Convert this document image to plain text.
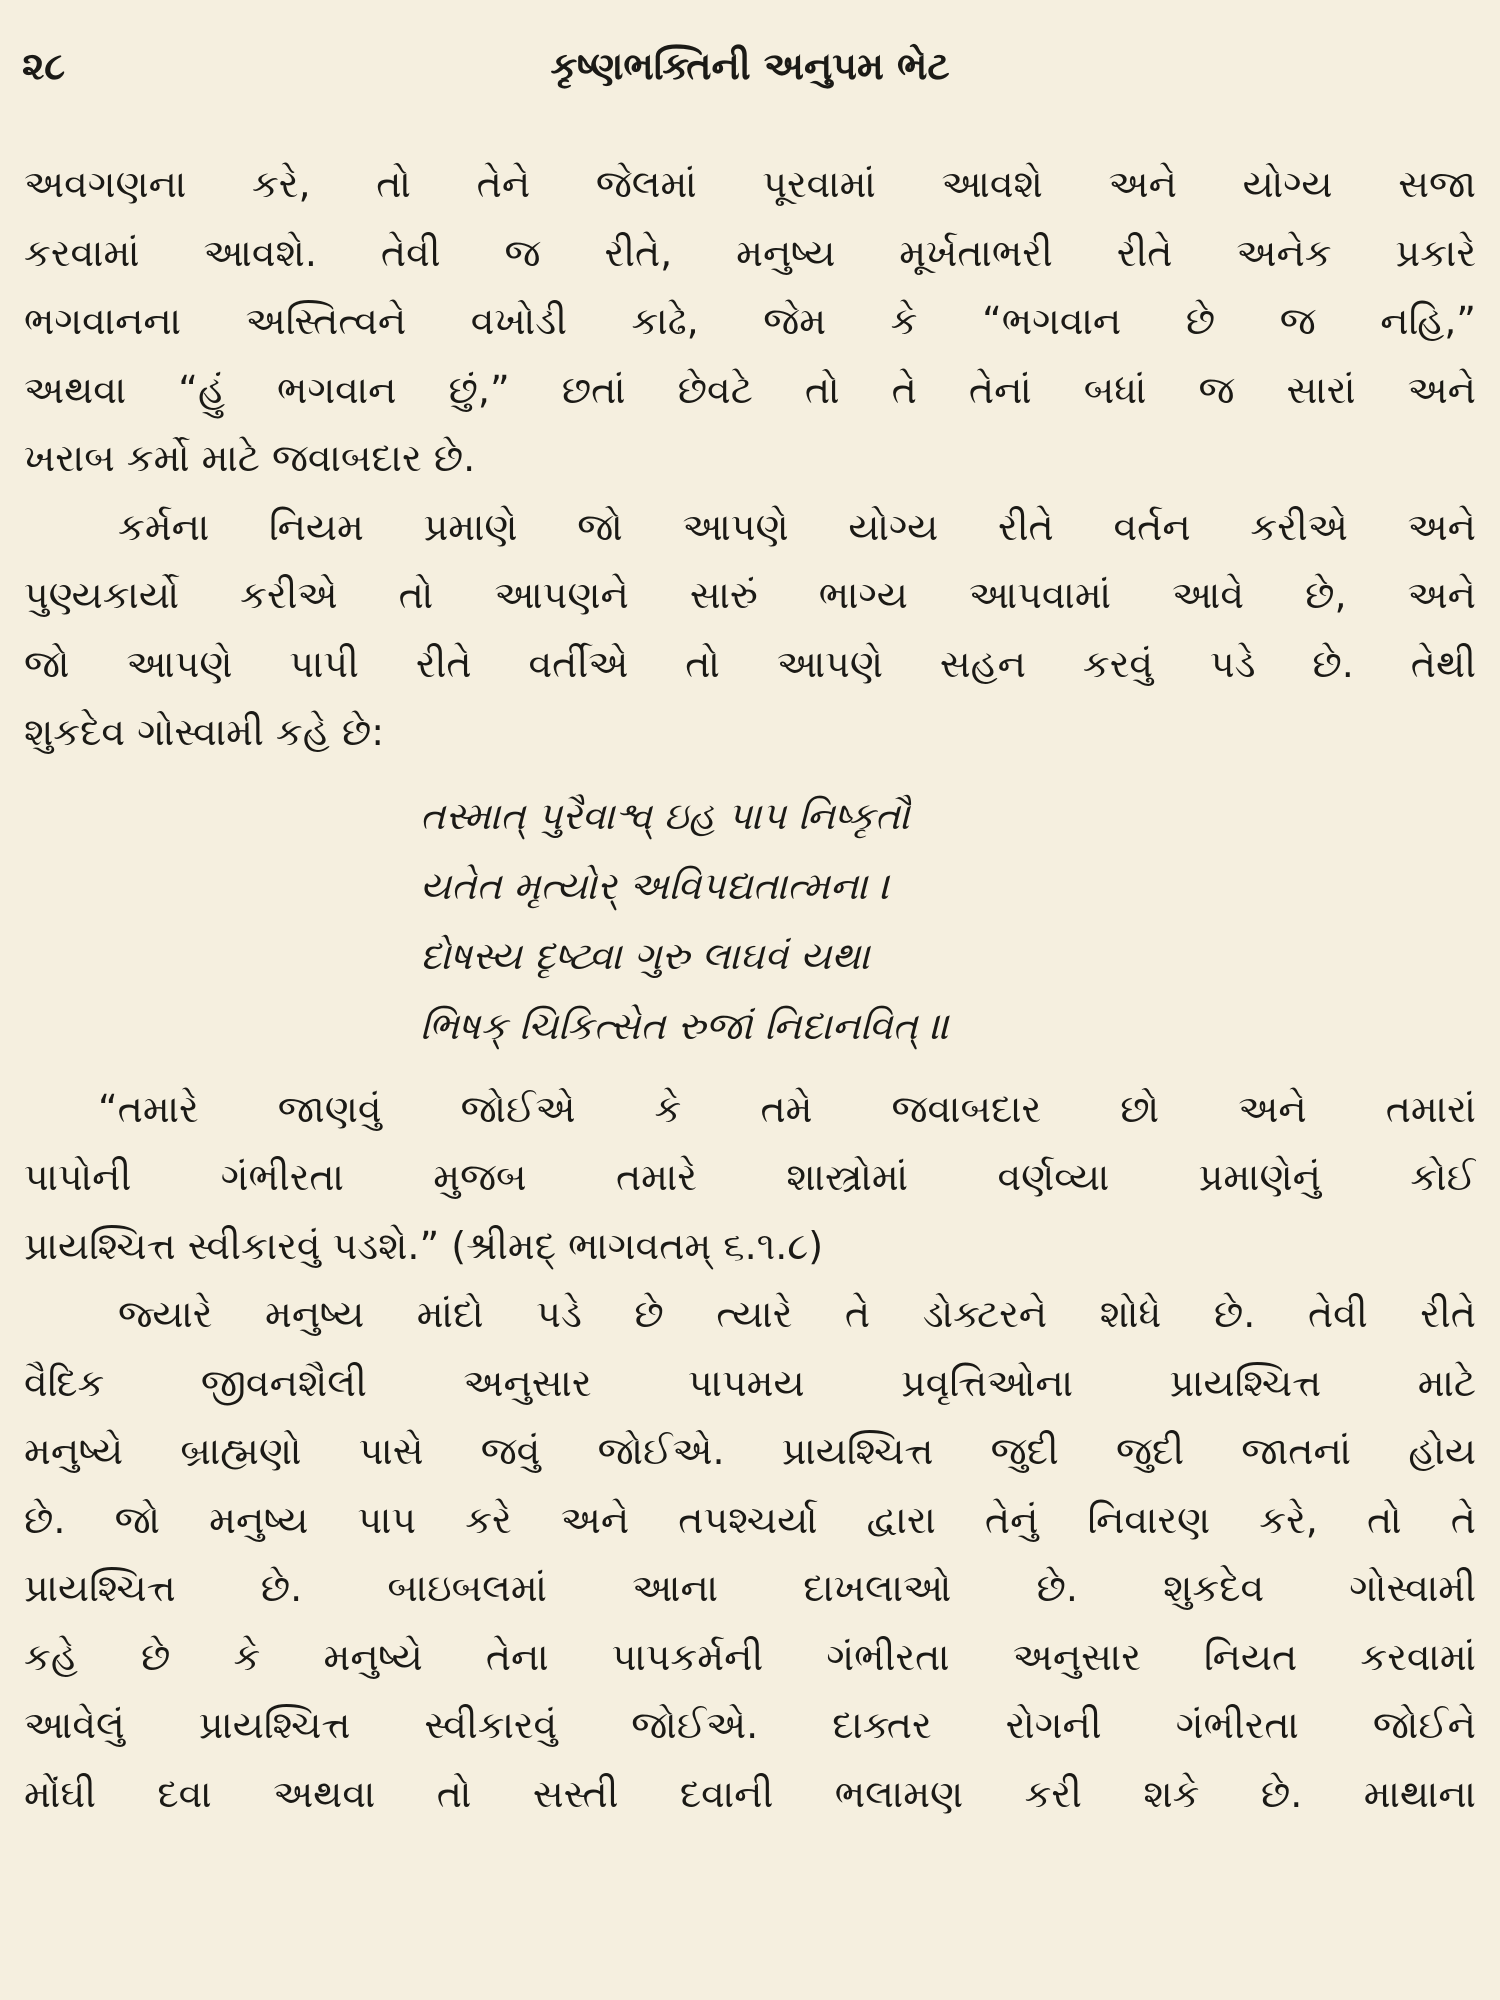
૨૮	કૃષ્ણભક્તિની અનુપમ ભેટ
અવગણના કરે, તો તેને જેલમાં પૂરવામાં આવશે અને યોગ્ય સજા
કરવામાં આવશે. તેવી જ રીતે, મનુષ્ય મૂર્ખતાભરી રીતે અનેક પ્રકારે
ભગવાનના અસ્તિત્વને વખોડી કાઢે, જેમ કે “ભગવાન છે જ નહિ,”
અથવા “હું ભગવાન છું,” છતાં છેવટે તો તે તેનાં બધાં જ સારાં અને
ખરાબ કર્મો માટે જવાબદાર છે.
કર્મના નિયમ પ્રમાણે જો આપણે યોગ્ય રીતે વર્તન કરીએ અને
પુણ્યકાર્યો કરીએ તો આપણને સારું ભાગ્ય આપવામાં આવે છે, અને
જો આપણે પાપી રીતે વર્તીએ તો આપણે સહન કરવું પડે છે. તેથી
શુકદેવ ગોસ્વામી કહે છે:
તસ્માત્ પુરૈવાશ્વ્ ઇહ પાપ નિષ્કૃતૌ
યતેત મૃત્યોર્ અવિપદ્યતાત્મના ।
દોષસ્ય દૃષ્ટ્વા ગુરુ લાઘવં યથા
ભિષક્ ચિકિત્સેત રુજાં નિદાનવિત્ ॥
“તમારે જાણવું જોઈએ કે તમે જવાબદાર છો અને તમારાં
પાપોની ગંભીરતા મુજબ તમારે શાસ્ત્રોમાં વર્ણવ્યા પ્રમાણેનું કોઈ
પ્રાયશ્ચિત્ત સ્વીકારવું પડશે.” (શ્રીમદ્ ભાગવતમ્ ૬.૧.૮)
જ્યારે મનુષ્ય માંદો પડે છે ત્યારે તે ડોક્ટરને શોધે છે. તેવી રીતે
વૈદિક જીવનશૈલી અનુસાર પાપમય પ્રવૃત્તિઓના પ્રાયશ્ચિત્ત માટે
મનુષ્યે બ્રાહ્મણો પાસે જવું જોઈએ. પ્રાયશ્ચિત્ત જુદી જુદી જાતનાં હોય
છે. જો મનુષ્ય પાપ કરે અને તપશ્ચર્યા દ્વારા તેનું નિવારણ કરે, તો તે
પ્રાયશ્ચિત્ત છે. બાઇબલમાં આના દાખલાઓ છે. શુકદેવ ગોસ્વામી
કહે છે કે મનુષ્યે તેના પાપકર્મની ગંભીરતા અનુસાર નિયત કરવામાં
આવેલું પ્રાયશ્ચિત્ત સ્વીકારવું જોઈએ. દાક્તર રોગની ગંભીરતા જોઈને
મોંઘી દવા અથવા તો સસ્તી દવાની ભલામણ કરી શકે છે. માથાના
